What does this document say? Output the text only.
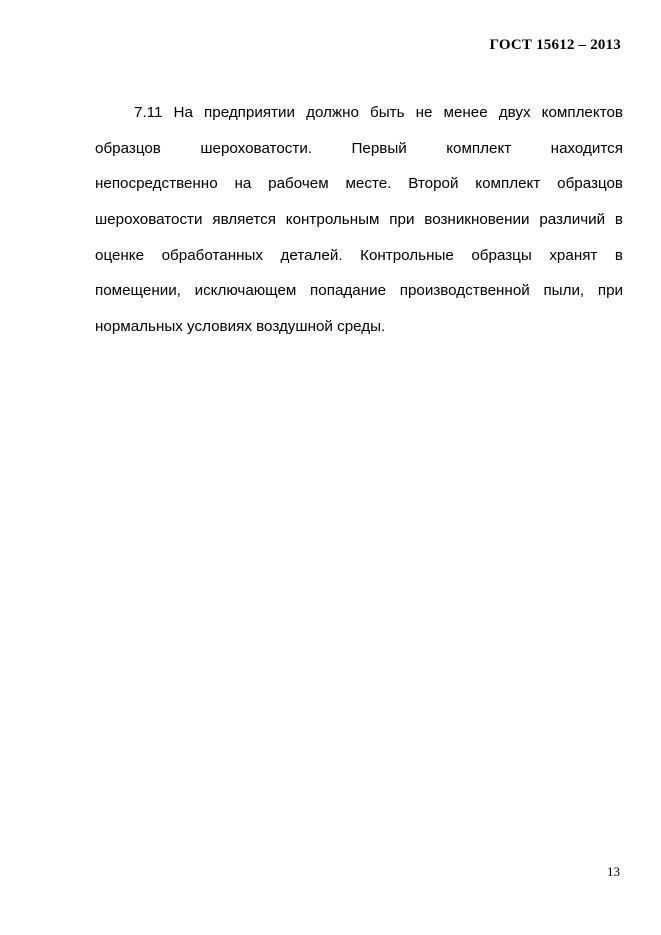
ГОСТ 15612 – 2013
7.11 На предприятии должно быть не менее двух комплектов
образцов шероховатости. Первый комплект находится
непосредственно на рабочем месте. Второй комплект образцов
шероховатости является контрольным при возникновении различий в
оценке обработанных деталей. Контрольные образцы хранят в
помещении, исключающем попадание производственной пыли, при
нормальных условиях воздушной среды.
13
